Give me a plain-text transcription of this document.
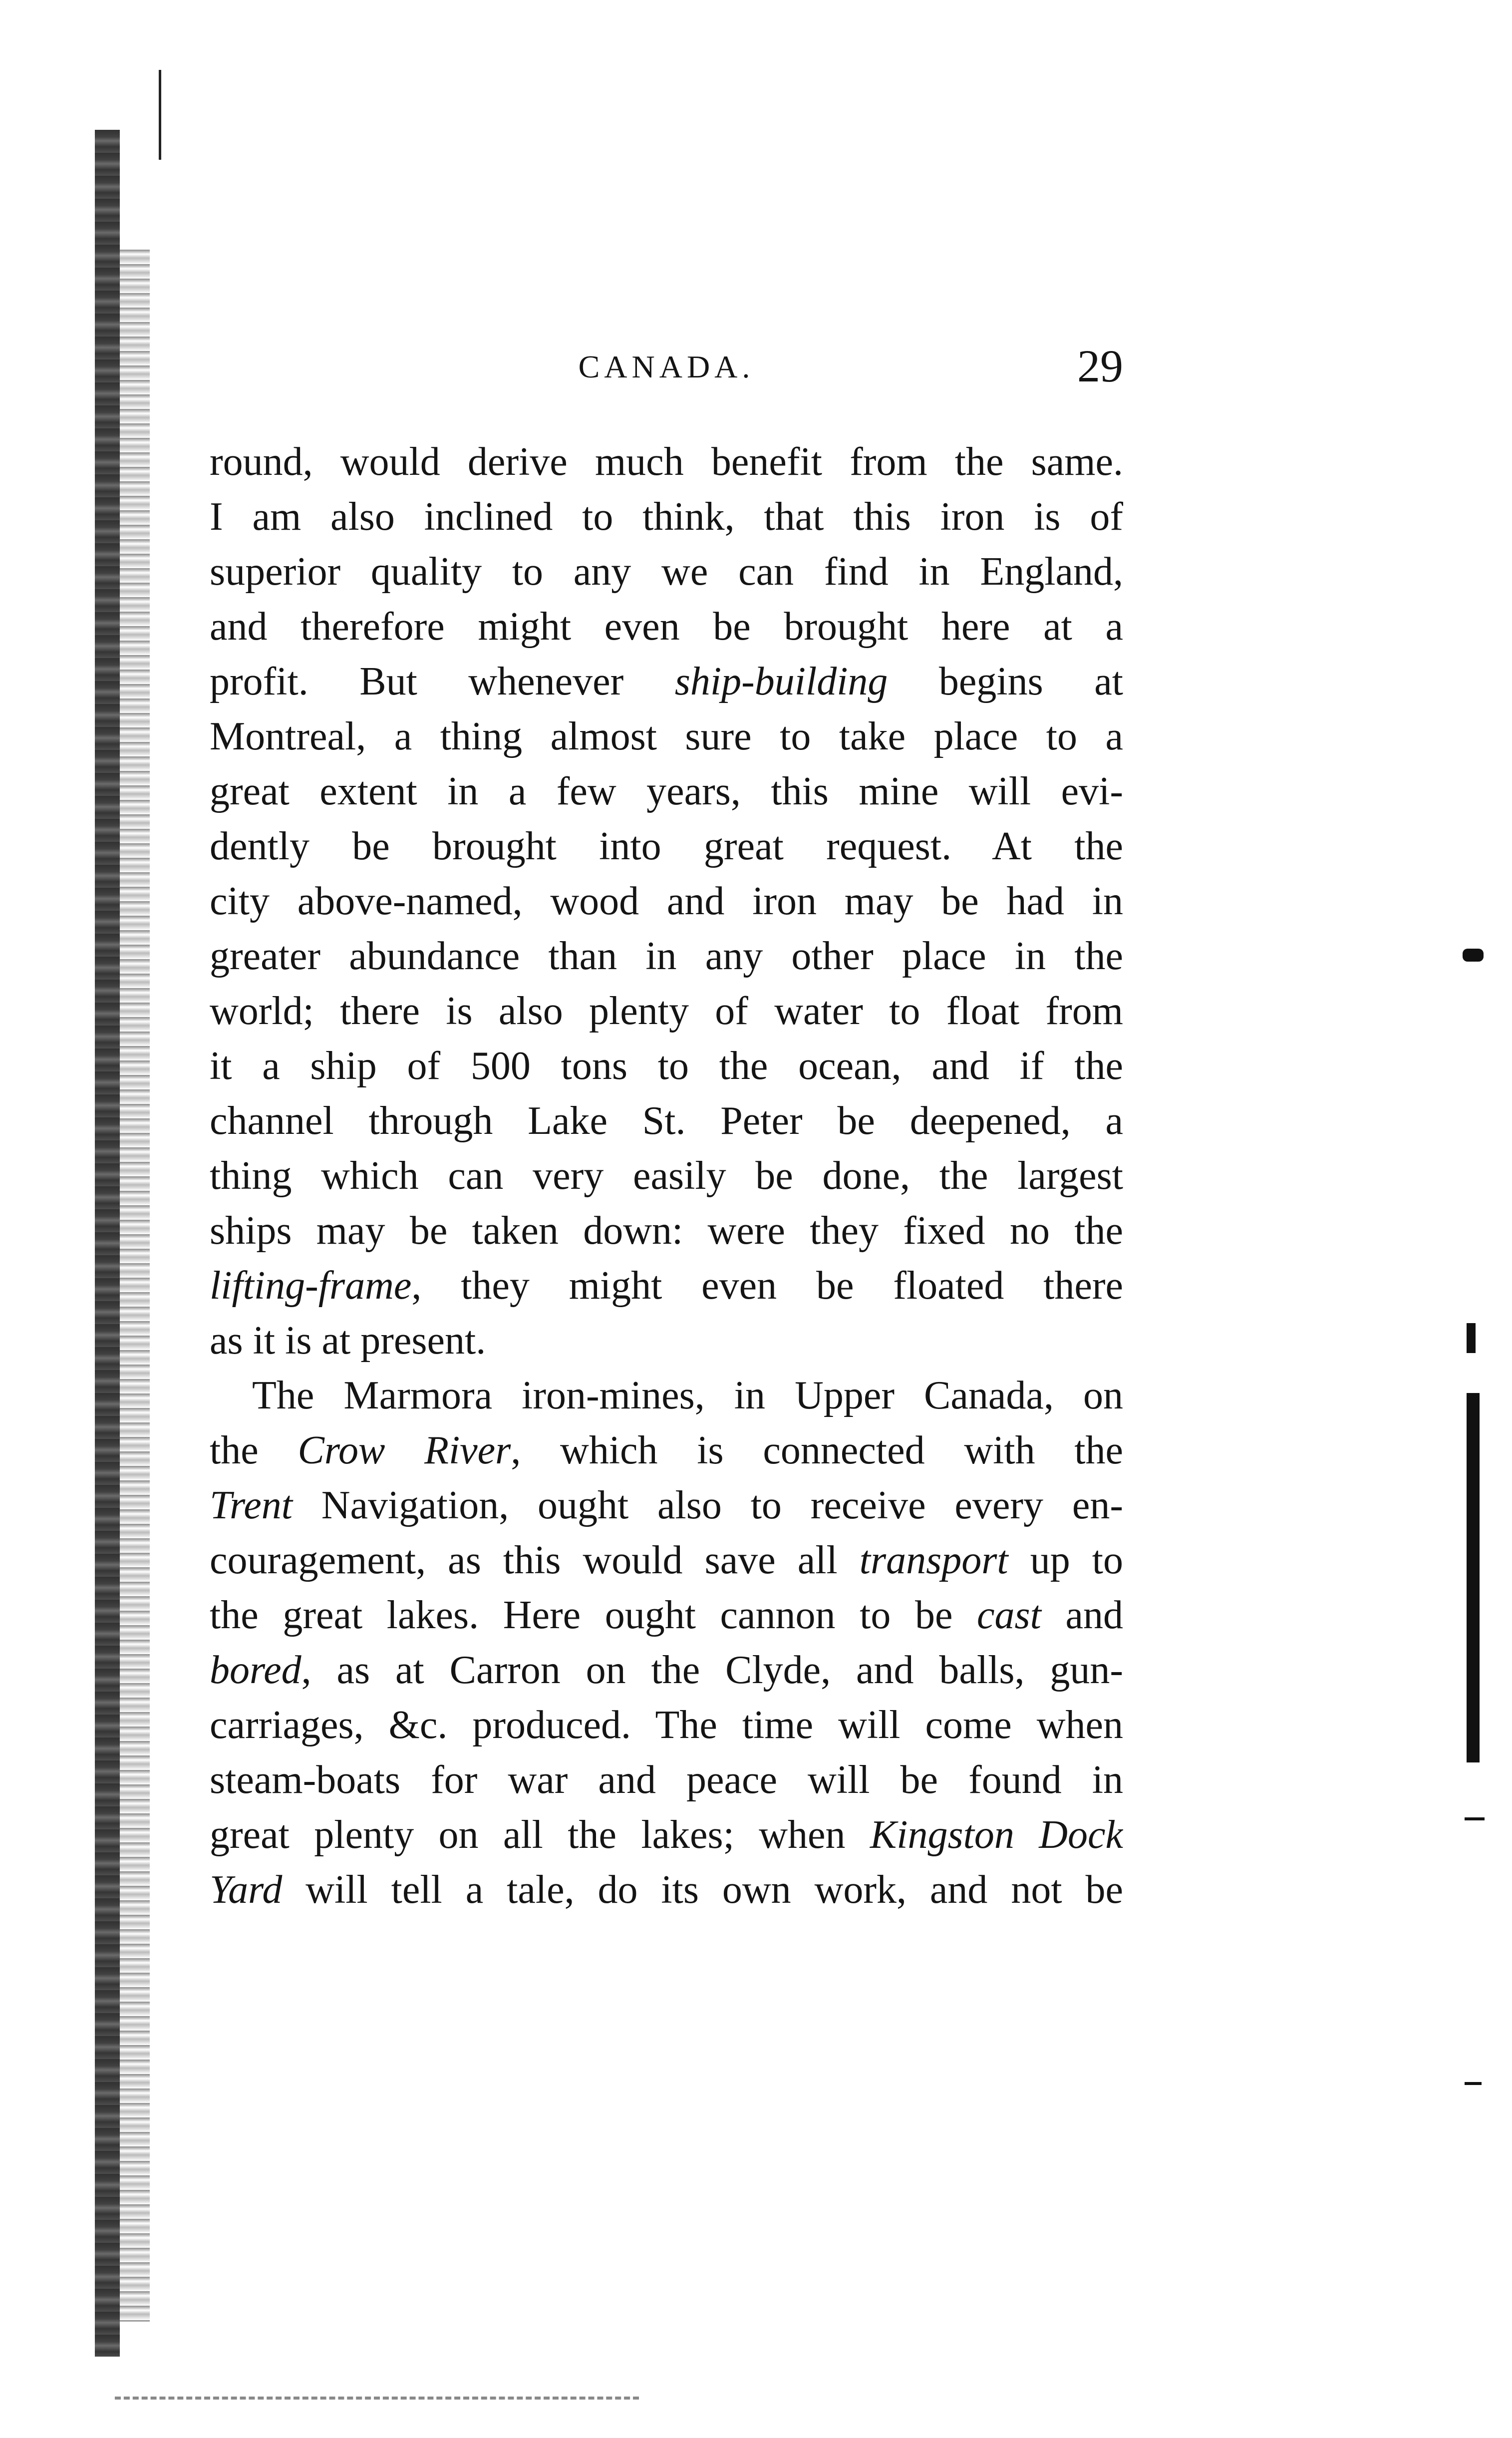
CANADA.	29
round, would derive much benefit from the same.
I am also inclined to think, that this iron is of
superior quality to any we can find in England,
and therefore might even be brought here at a
profit. But whenever ship-building begins at
Montreal, a thing almost sure to take place to a
great extent in a few years, this mine will evi-
dently be brought into great request. At the
city above-named, wood and iron may be had in
greater abundance than in any other place in the
world; there is also plenty of water to float from
it a ship of 500 tons to the ocean, and if the
channel through Lake St. Peter be deepened, a
thing which can very easily be done, the largest
ships may be taken down: were they fixed no the
lifting-frame, they might even be floated there
as it is at present.
The Marmora iron-mines, in Upper Canada, on
the Crow River, which is connected with the
Trent Navigation, ought also to receive every en-
couragement, as this would save all transport up to
the great lakes. Here ought cannon to be cast and
bored, as at Carron on the Clyde, and balls, gun-
carriages, &c. produced. The time will come when
steam-boats for war and peace will be found in
great plenty on all the lakes; when Kingston Dock
Yard will tell a tale, do its own work, and not be
